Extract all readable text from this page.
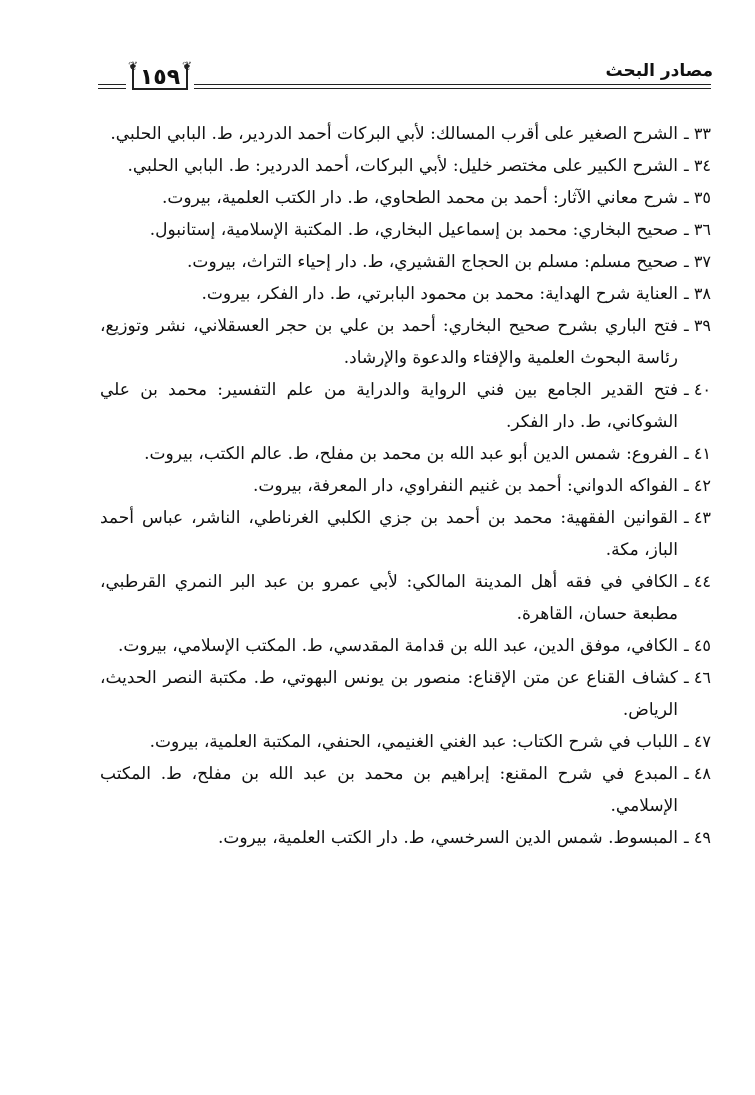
مصادر البحث
❦	❦
١٥٩
٣٣ ـ
الشرح الصغير على أقرب المسالك: لأبي البركات أحمد الدردير، ط. البابي الحلبي.
٣٤ ـ
الشرح الكبير على مختصر خليل: لأبي البركات، أحمد الدردير: ط. البابي الحلبي.
٣٥ ـ
شرح معاني الآثار: أحمد بن محمد الطحاوي، ط. دار الكتب العلمية، بيروت.
٣٦ ـ
صحيح البخاري: محمد بن إسماعيل البخاري، ط. المكتبة الإسلامية، إستانبول.
٣٧ ـ
صحيح مسلم: مسلم بن الحجاج القشيري، ط. دار إحياء التراث، بيروت.
٣٨ ـ
العناية شرح الهداية: محمد بن محمود البابرتي، ط. دار الفكر، بيروت.
٣٩ ـ
فتح الباري بشرح صحيح البخاري: أحمد بن علي بن حجر العسقلاني، نشر وتوزيع، رئاسة البحوث العلمية والإفتاء والدعوة والإرشاد.
٤٠ ـ
فتح القدير الجامع بين فني الرواية والدراية من علم التفسير: محمد بن علي الشوكاني، ط. دار الفكر.
٤١ ـ
الفروع: شمس الدين أبو عبد الله بن محمد بن مفلح، ط. عالم الكتب، بيروت.
٤٢ ـ
الفواكه الدواني: أحمد بن غنيم النفراوي، دار المعرفة، بيروت.
٤٣ ـ
القوانين الفقهية: محمد بن أحمد بن جزي الكلبي الغرناطي، الناشر، عباس أحمد الباز، مكة.
٤٤ ـ
الكافي في فقه أهل المدينة المالكي: لأبي عمرو بن عبد البر النمري القرطبي، مطبعة حسان، القاهرة.
٤٥ ـ
الكافي، موفق الدين، عبد الله بن قدامة المقدسي، ط. المكتب الإسلامي، بيروت.
٤٦ ـ
كشاف القناع عن متن الإقناع: منصور بن يونس البهوتي، ط. مكتبة النصر الحديث، الرياض.
٤٧ ـ
اللباب في شرح الكتاب: عبد الغني الغنيمي، الحنفي، المكتبة العلمية، بيروت.
٤٨ ـ
المبدع في شرح المقنع: إبراهيم بن محمد بن عبد الله بن مفلح، ط. المكتب الإسلامي.
٤٩ ـ
المبسوط. شمس الدين السرخسي، ط. دار الكتب العلمية، بيروت.
